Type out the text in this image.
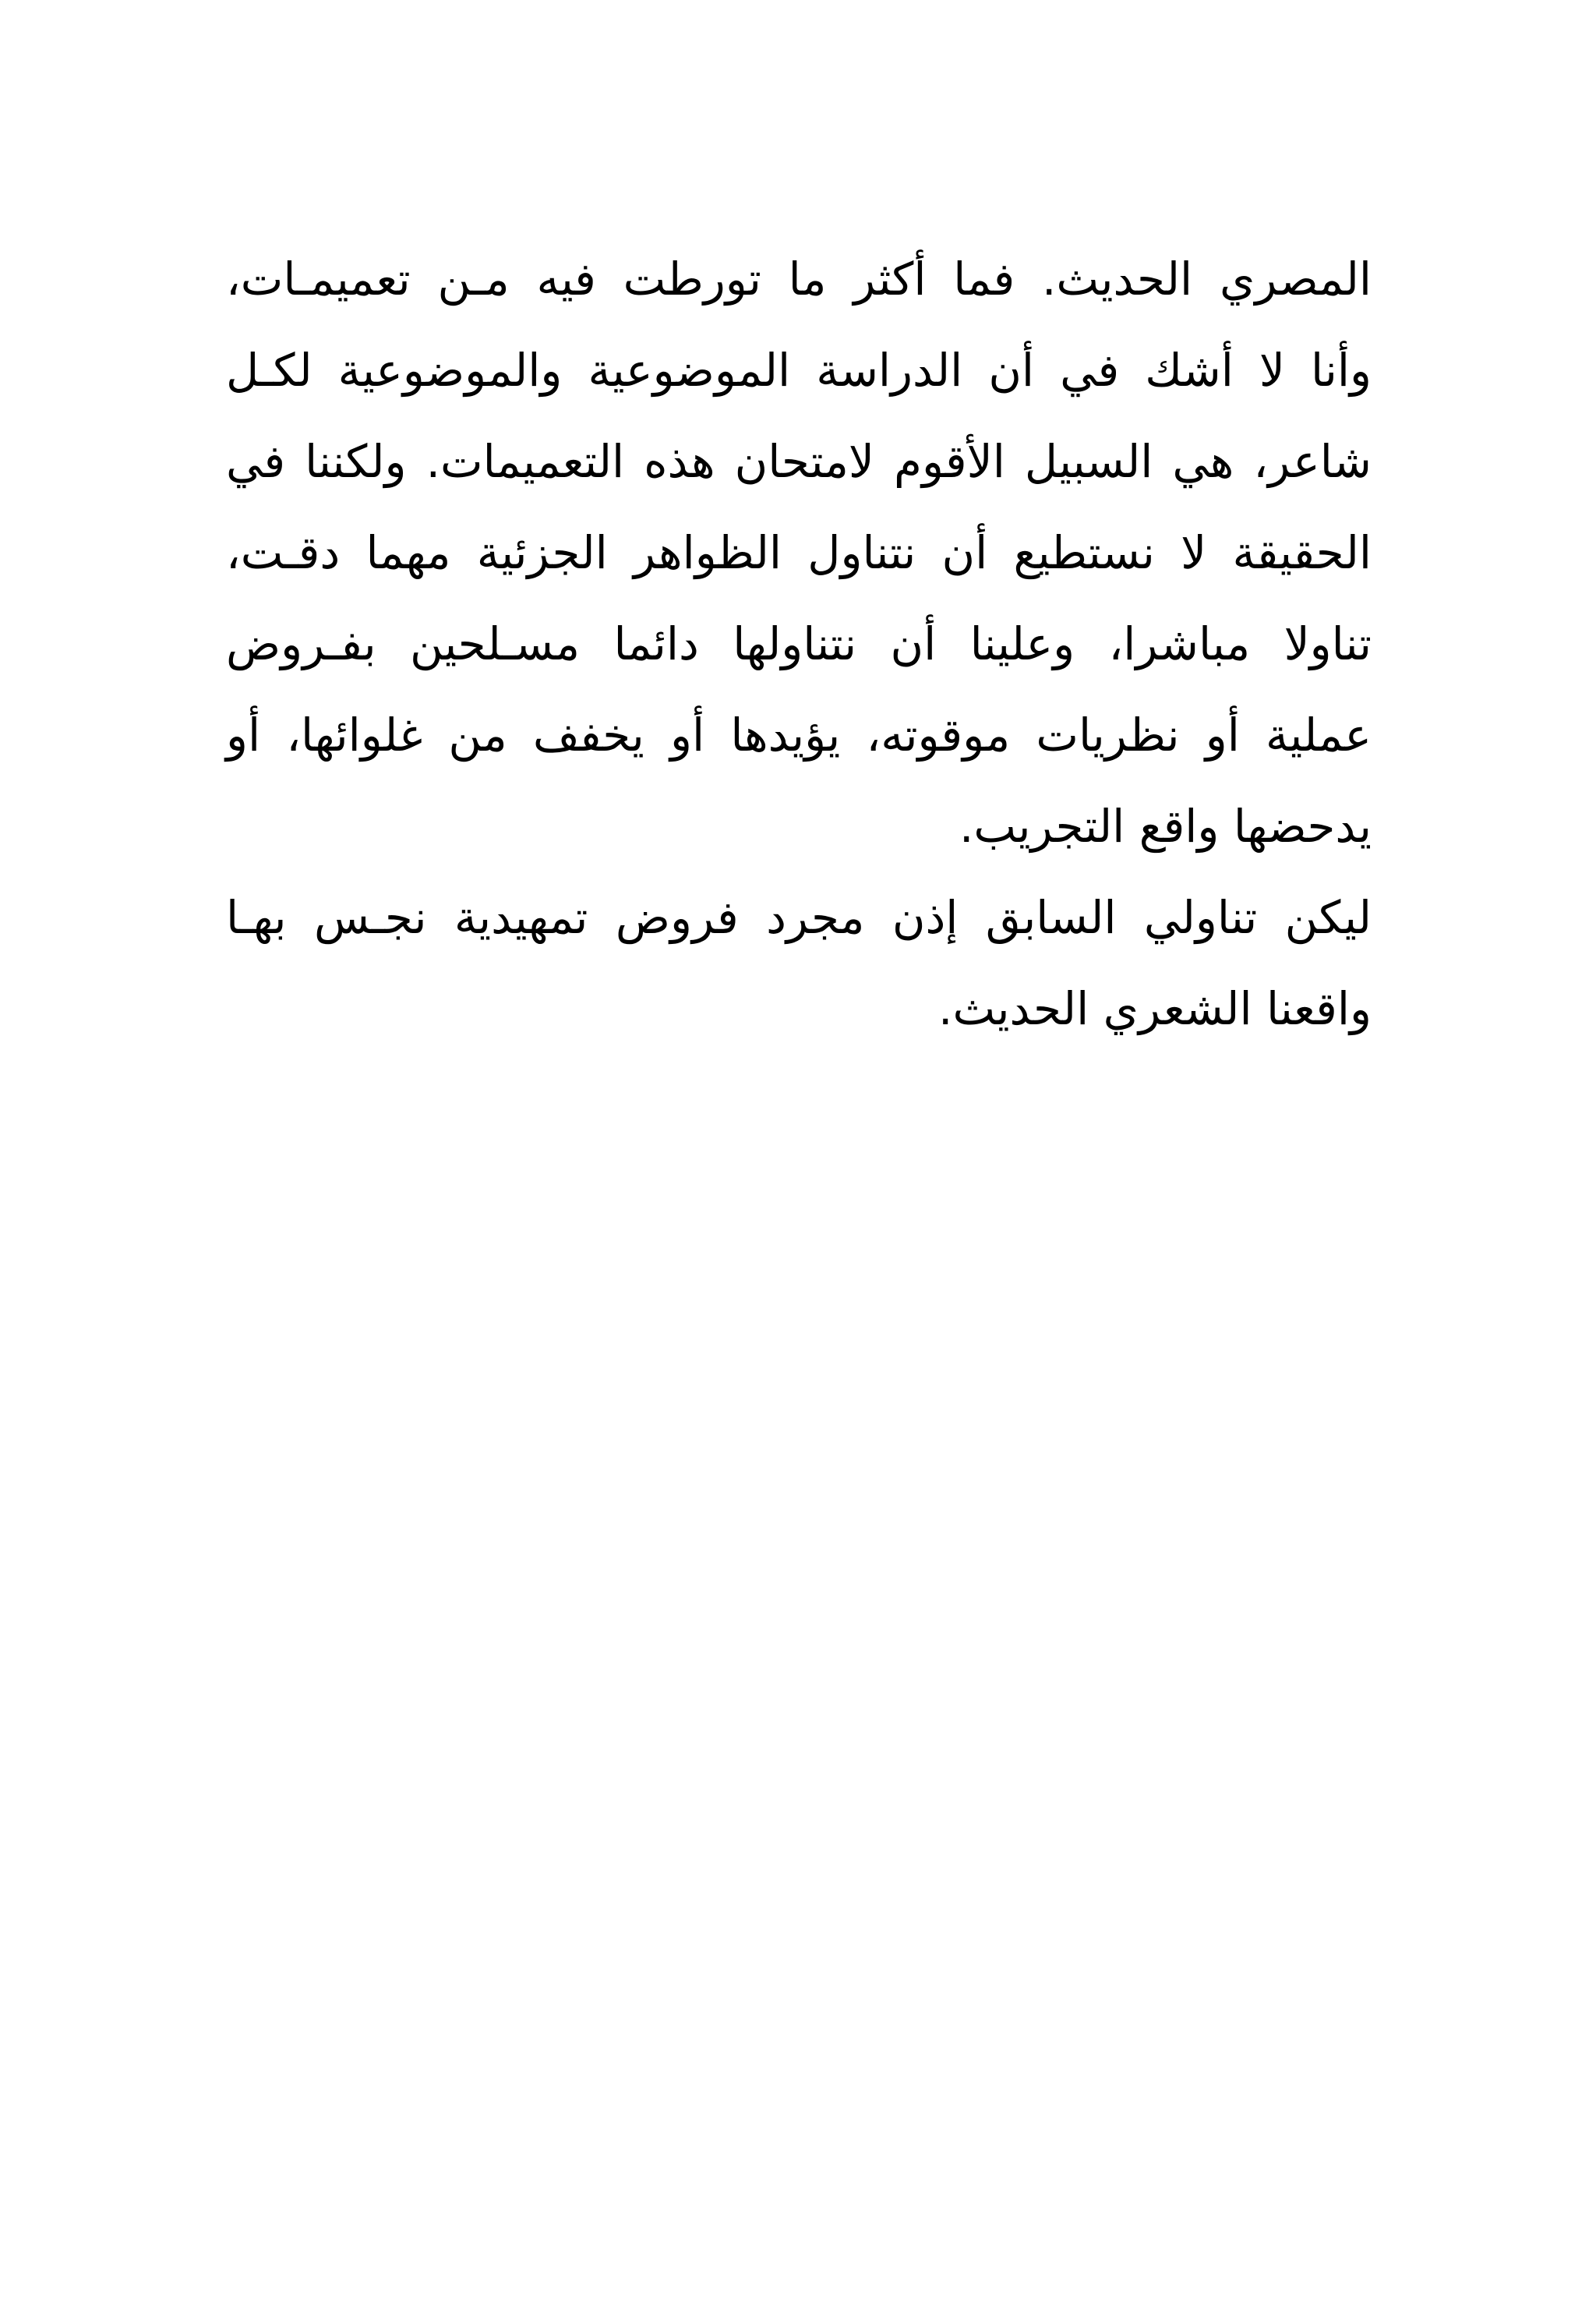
المصري الحديث. فما أكثر ما تورطت فيه مـن تعميمـات،
وأنا لا أشك في أن الدراسة الموضوعية والموضوعية لكـل
شاعر، هي السبيل الأقوم لامتحان هذه التعميمات. ولكننا في
الحقيقة لا نستطيع أن نتناول الظواهر الجزئية مهما دقـت،
تناولا مباشرا، وعلينا أن نتناولها دائما مسـلحين بفـروض
عملية أو نظريات موقوته، يؤيدها أو يخفف من غلوائها، أو
يدحضها واقع التجريب.
ليكن تناولي السابق إذن مجرد فروض تمهيدية نجـس بهـا
واقعنا الشعري الحديث.
